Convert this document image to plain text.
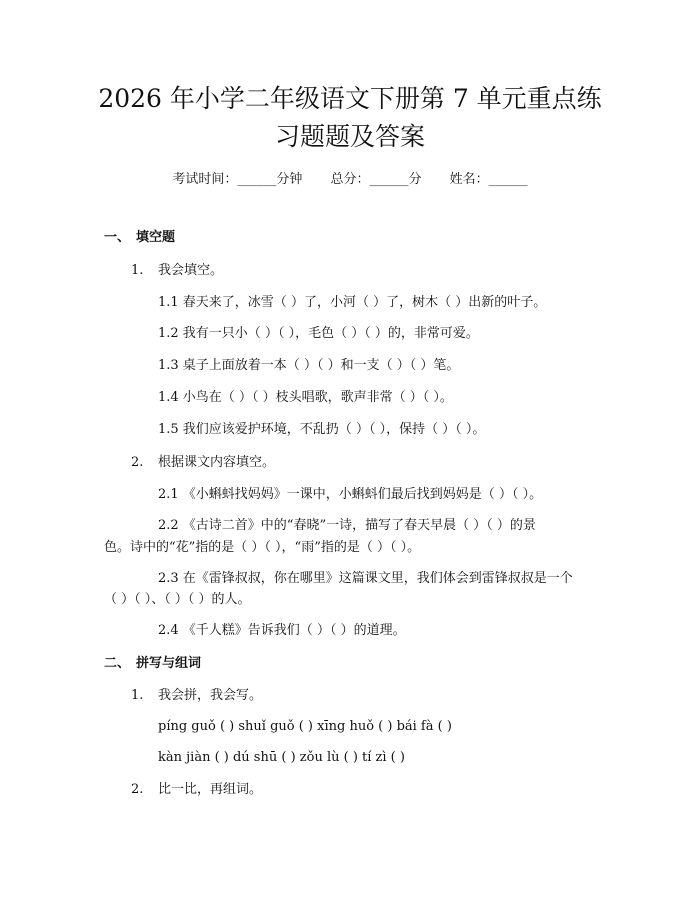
2026 年小学二年级语文下册第 7 单元重点练
习题题及答案
考试时间：______分钟 总分：______分 姓名：______
一、 填空题
1. 我会填空。
1.1 春天来了，冰雪（ ）了，小河（ ）了，树木（ ）出新的叶子。
1.2 我有一只小（ ）（ ），毛色（ ）（ ）的，非常可爱。
1.3 桌子上面放着一本（ ）（ ）和一支（ ）（ ）笔。
1.4 小鸟在（ ）（ ）枝头唱歌，歌声非常（ ）（ ）。
1.5 我们应该爱护环境，不乱扔（ ）（ ），保持（ ）（ ）。
2. 根据课文内容填空。
2.1 《小蝌蚪找妈妈》一课中，小蝌蚪们最后找到妈妈是（ ）（ ）。
2.2 《古诗二首》中的“春晓”一诗，描写了春天早晨（ ）（ ）的景
色。诗中的“花”指的是（ ）（ ），“雨”指的是（ ）（ ）。
2.3 在《雷锋叔叔，你在哪里》这篇课文里，我们体会到雷锋叔叔是一个
（ ）（ ）、（ ）（ ）的人。
2.4 《千人糕》告诉我们（ ）（ ）的道理。
二、 拼写与组词
1. 我会拼，我会写。
píng guǒ ( ) shuǐ guǒ ( ) xīng huǒ ( ) bái fà ( )
kàn jiàn ( ) dú shū ( ) zǒu lù ( ) tí zì ( )
2. 比一比，再组词。
